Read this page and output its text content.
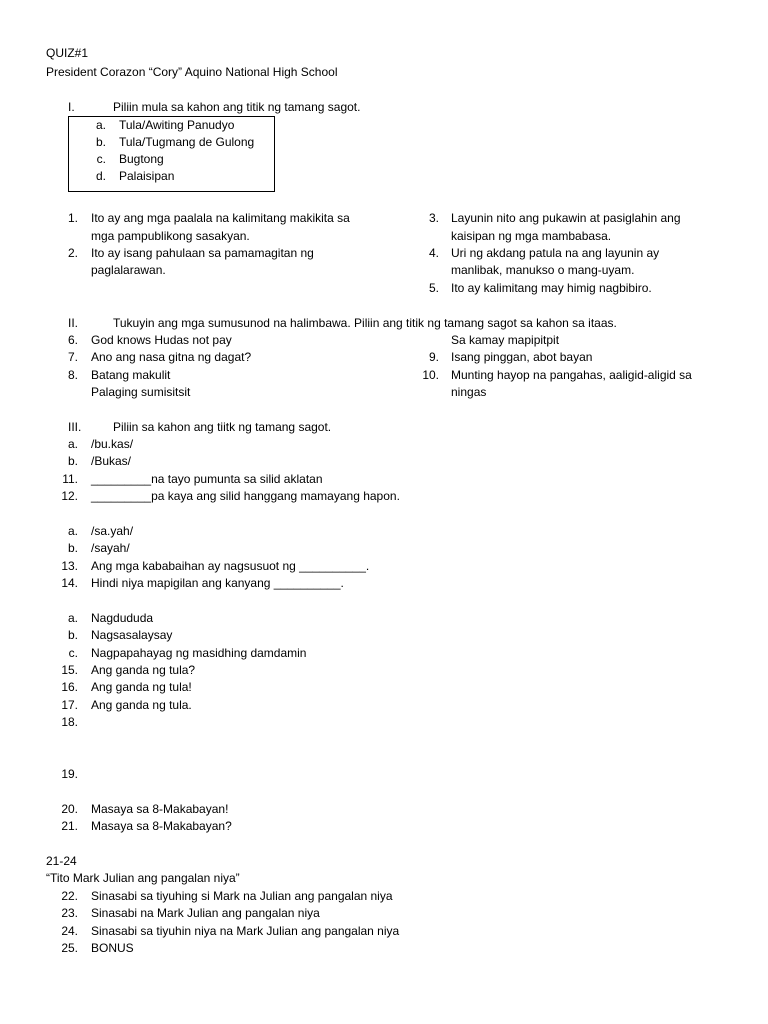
QUIZ#1
President Corazon “Cory” Aquino National High School
I.	Piliin mula sa kahon ang titik ng tamang sagot.
a. Tula/Awiting Panudyo
b. Tula/Tugmang de Gulong
c. Bugtong
d. Palaisipan
1. Ito ay ang mga paalala na kalimitang makikita sa
mga pampublikong sasakyan.
2. Ito ay isang pahulaan sa pamamagitan ng
paglalarawan.
3. Layunin nito ang pukawin at pasiglahin ang
kaisipan ng mga mambabasa.
4. Uri ng akdang patula na ang layunin ay
manlibak, manukso o mang-uyam.
5. Ito ay kalimitang may himig nagbibiro.
II.	Tukuyin ang mga sumusunod na halimbawa. Piliin ang titik ng tamang sagot sa kahon sa itaas.
6. God knows Hudas not pay
7. Ano ang nasa gitna ng dagat?
8. Batang makulit
Palaging sumisitsit
Sa kamay mapipitpit
9. Isang pinggan, abot bayan
10. Munting hayop na pangahas, aaligid-aligid sa
ningas
III.	Piliin sa kahon ang tiitk ng tamang sagot.
a. /bu.kas/
b. /Bukas/
11. _________na tayo pumunta sa silid aklatan
12. _________pa kaya ang silid hanggang mamayang hapon.
a. /sa.yah/
b. /sayah/
13. Ang mga kababaihan ay nagsusuot ng __________.
14. Hindi niya mapigilan ang kanyang __________.
a. Nagdududa
b. Nagsasalaysay
c. Nagpapahayag ng masidhing damdamin
15. Ang ganda ng tula?
16. Ang ganda ng tula!
17. Ang ganda ng tula.
18.
19.
20. Masaya sa 8-Makabayan!
21. Masaya sa 8-Makabayan?
21-24
“Tito Mark Julian ang pangalan niya”
22. Sinasabi sa tiyuhing si Mark na Julian ang pangalan niya
23. Sinasabi na Mark Julian ang pangalan niya
24. Sinasabi sa tiyuhin niya na Mark Julian ang pangalan niya
25. BONUS
